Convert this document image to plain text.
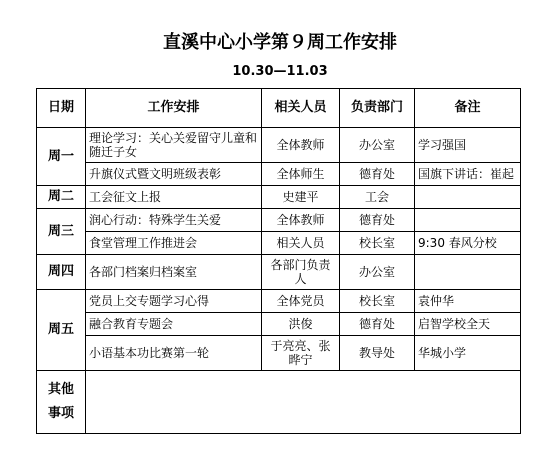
直溪中心小学第９周工作安排
10.30—11.03
日期	工作安排	相关人员	负责部门	备注
周一	理论学习：关心关爱留守儿童和随迁子女	全体教师	办公室	学习强国
	升旗仪式暨文明班级表彰	全体师生	德育处	国旗下讲话：崔起
周二	工会征文上报	史建平	工会	
周三	润心行动：特殊学生关爱	全体教师	德育处	
	食堂管理工作推进会	相关人员	校长室	9:30 春风分校
周四	各部门档案归档案室	各部门负责人	办公室	
周五	党员上交专题学习心得	全体党员	校长室	袁仲华
	融合教育专题会	洪俊	德育处	启智学校全天
	小语基本功比赛第一轮	于亮亮、张晔宁	教导处	华城小学

其他
事项				
